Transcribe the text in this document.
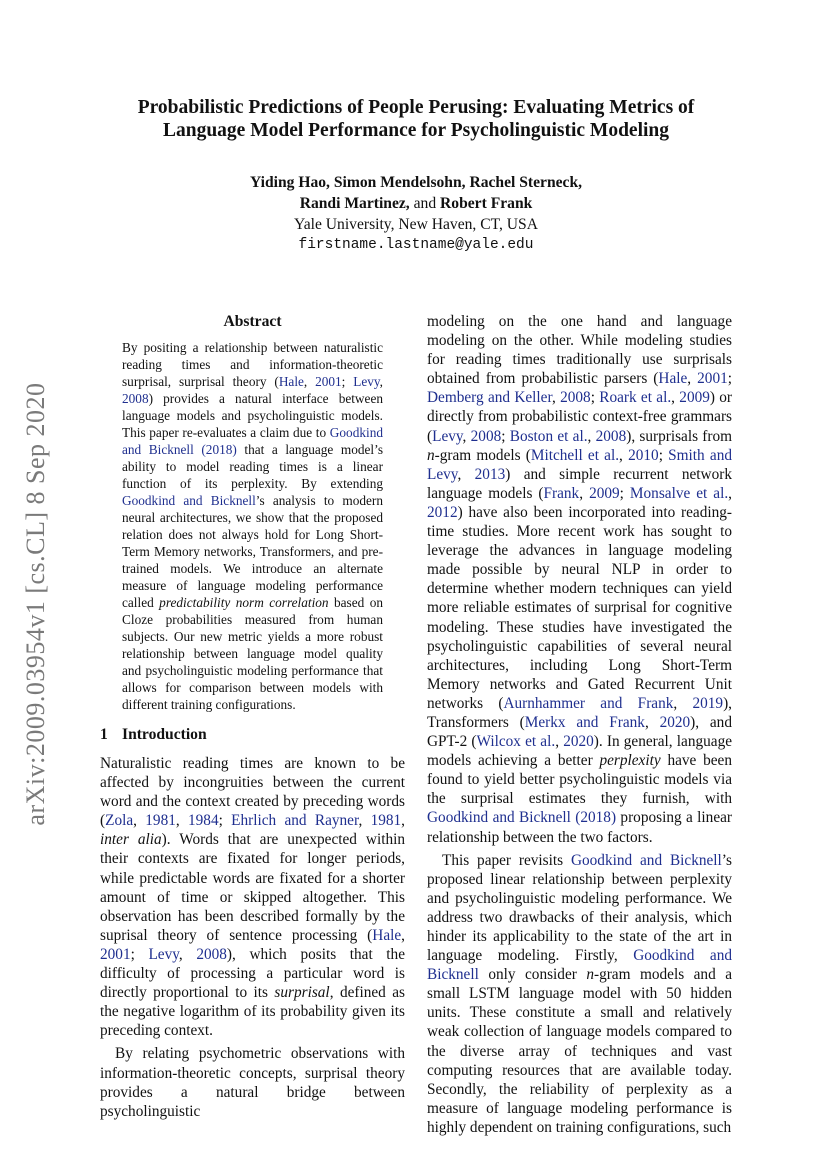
arXiv:2009.03954v1 [cs.CL] 8 Sep 2020
Probabilistic Predictions of People Perusing: Evaluating Metrics of
Language Model Performance for Psycholinguistic Modeling
Yiding Hao, Simon Mendelsohn, Rachel Sterneck,
Randi Martinez, and Robert Frank
Yale University, New Haven, CT, USA
firstname.lastname@yale.edu
Abstract
By positing a relationship between naturalistic reading times and information-theoretic surprisal, surprisal theory (Hale, 2001; Levy, 2008) provides a natural interface between language models and psycholinguistic models. This paper re-evaluates a claim due to Goodkind and Bicknell (2018) that a language model’s ability to model reading times is a linear function of its perplexity. By extending Goodkind and Bicknell’s analysis to modern neural architectures, we show that the proposed relation does not always hold for Long Short-Term Memory networks, Transformers, and pre-trained models. We introduce an alternate measure of language modeling performance called predictability norm correlation based on Cloze probabilities measured from human subjects. Our new metric yields a more robust relationship between language model quality and psycholinguistic modeling performance that allows for comparison between models with different training configurations.
1 Introduction

Naturalistic reading times are known to be affected by incongruities between the current word and the context created by preceding words (Zola, 1981, 1984; Ehrlich and Rayner, 1981, inter alia). Words that are unexpected within their contexts are fixated for longer periods, while predictable words are fixated for a shorter amount of time or skipped altogether. This observation has been described formally by the suprisal theory of sentence processing (Hale, 2001; Levy, 2008), which posits that the difficulty of processing a particular word is directly proportional to its surprisal, defined as the negative logarithm of its probability given its preceding context.

By relating psychometric observations with information-theoretic concepts, surprisal theory provides a natural bridge between psycholinguistic

modeling on the one hand and language modeling on the other. While modeling studies for reading times traditionally use surprisals obtained from probabilistic parsers (Hale, 2001; Demberg and Keller, 2008; Roark et al., 2009) or directly from probabilistic context-free grammars (Levy, 2008; Boston et al., 2008), surprisals from n-gram models (Mitchell et al., 2010; Smith and Levy, 2013) and simple recurrent network language models (Frank, 2009; Monsalve et al., 2012) have also been incorporated into reading-time studies. More recent work has sought to leverage the advances in language modeling made possible by neural NLP in order to determine whether modern techniques can yield more reliable estimates of surprisal for cognitive modeling. These studies have investigated the psycholinguistic capabilities of several neural architectures, including Long Short-Term Memory networks and Gated Recurrent Unit networks (Aurnhammer and Frank, 2019), Transformers (Merkx and Frank, 2020), and GPT-2 (Wilcox et al., 2020). In general, language models achieving a better perplexity have been found to yield better psycholinguistic models via the surprisal estimates they furnish, with Goodkind and Bicknell (2018) proposing a linear relationship between the two factors.

This paper revisits Goodkind and Bicknell’s proposed linear relationship between perplexity and psycholinguistic modeling performance. We address two drawbacks of their analysis, which hinder its applicability to the state of the art in language modeling. Firstly, Goodkind and Bicknell only consider n-gram models and a small LSTM language model with 50 hidden units. These constitute a small and relatively weak collection of language models compared to the diverse array of techniques and vast computing resources that are available today. Secondly, the reliability of perplexity as a measure of language modeling performance is highly dependent on training configurations, such
